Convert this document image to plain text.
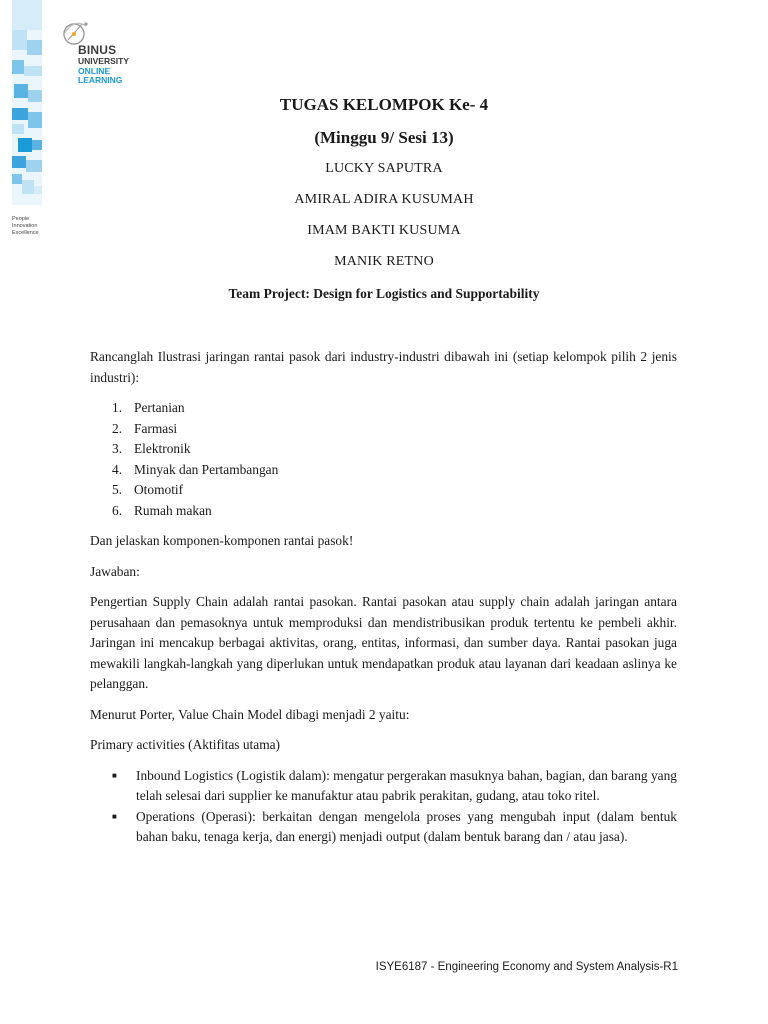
BINUS
UNIVERSITY
ONLINE
LEARNING
People
Innovation
Excellence
TUGAS KELOMPOK Ke- 4
(Minggu 9/ Sesi 13)
LUCKY SAPUTRA
AMIRAL ADIRA KUSUMAH
IMAM BAKTI KUSUMA
MANIK RETNO
Team Project: Design for Logistics and Supportability

Rancanglah Ilustrasi jaringan rantai pasok dari industry-industri dibawah ini (setiap kelompok pilih 2 jenis industri):

1. Pertanian
2. Farmasi
3. Elektronik
4. Minyak dan Pertambangan
5. Otomotif
6. Rumah makan

Dan jelaskan komponen-komponen rantai pasok!

Jawaban:

Pengertian Supply Chain adalah rantai pasokan. Rantai pasokan atau supply chain adalah jaringan antara perusahaan dan pemasoknya untuk memproduksi dan mendistribusikan produk tertentu ke pembeli akhir. Jaringan ini mencakup berbagai aktivitas, orang, entitas, informasi, dan sumber daya. Rantai pasokan juga mewakili langkah-langkah yang diperlukan untuk mendapatkan produk atau layanan dari keadaan aslinya ke pelanggan.

Menurut Porter, Value Chain Model dibagi menjadi 2 yaitu:

Primary activities (Aktifitas utama)

■	Inbound Logistics (Logistik dalam): mengatur pergerakan masuknya bahan, bagian, dan barang yang telah selesai dari supplier ke manufaktur atau pabrik perakitan, gudang, atau toko ritel.
■	Operations (Operasi): berkaitan dengan mengelola proses yang mengubah input (dalam bentuk bahan baku, tenaga kerja, dan energi) menjadi output (dalam bentuk barang dan / atau jasa).
ISYE6187 - Engineering Economy and System Analysis-R1
